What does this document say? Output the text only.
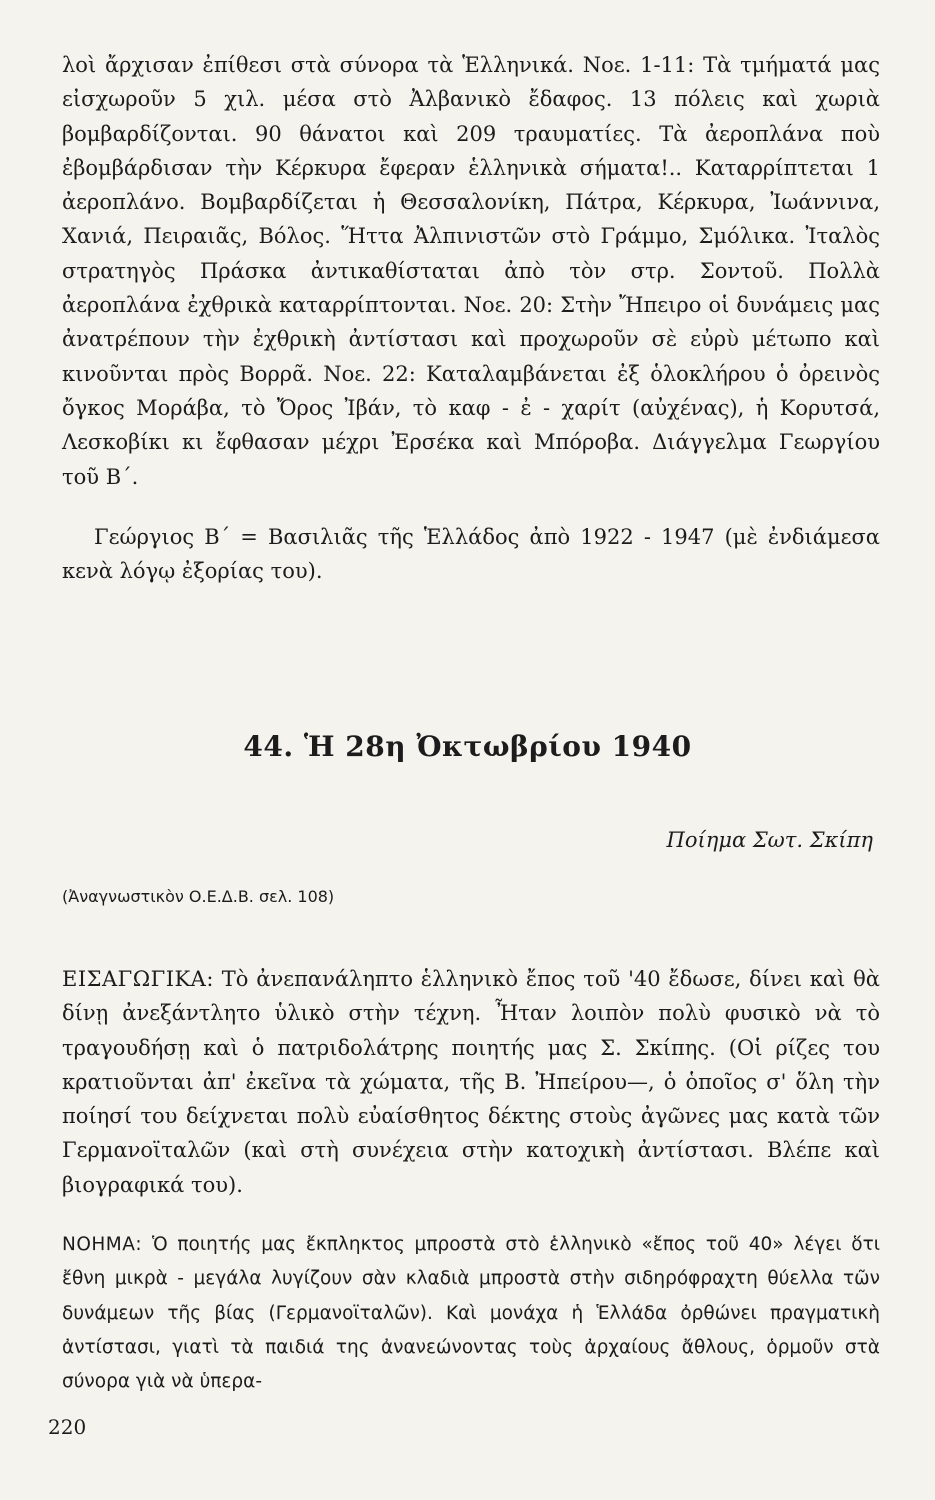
λοὶ ἄρχισαν ἐπίθεσι στὰ σύνορα τὰ Ἑλληνικά. Νοε. 1-11: Τὰ τμήματά μας εἰσχωροῦν 5 χιλ. μέσα στὸ Ἀλβανικὸ ἔδαφος. 13 πόλεις καὶ χωριὰ βομβαρδίζονται. 90 θάνατοι καὶ 209 τραυματίες. Τὰ ἀεροπλάνα ποὺ ἐβομβάρδισαν τὴν Κέρκυρα ἔφεραν ἑλληνικὰ σήματα!.. Καταρρίπτεται 1 ἀεροπλάνο. Βομβαρδίζεται ἡ Θεσσαλονίκη, Πάτρα, Κέρκυρα, Ἰωάννινα, Χανιά, Πειραιᾶς, Βόλος. Ἥττα Ἀλπινιστῶν στὸ Γράμμο, Σμόλικα. Ἰταλὸς στρατηγὸς Πράσκα ἀντικαθίσταται ἀπὸ τὸν στρ. Σοντοῦ. Πολλὰ ἀεροπλάνα ἐχθρικὰ καταρρίπτονται. Νοε. 20: Στὴν Ἤπειρο οἱ δυνάμεις μας ἀνατρέπουν τὴν ἐχθρικὴ ἀντίστασι καὶ προχωροῦν σὲ εὐρὺ μέτωπο καὶ κινοῦνται πρὸς Βορρᾶ. Νοε. 22: Καταλαμβάνεται ἐξ ὁλοκλήρου ὁ ὀρεινὸς ὄγκος Μοράβα, τὸ Ὄρος Ἰβάν, τὸ καφ - ἐ - χαρίτ (αὐχένας), ἡ Κορυτσά, Λεσκοβίκι κι ἔφθασαν μέχρι Ἐρσέκα καὶ Μπόροβα. Διάγγελμα Γεωργίου τοῦ Β΄.

Γεώργιος Β΄ = Βασιλιᾶς τῆς Ἑλλάδος ἀπὸ 1922 - 1947 (μὲ ἐνδιάμεσα κενὰ λόγῳ ἐξορίας του).

44. Ἡ 28η Ὀκτωβρίου 1940
Ποίημα Σωτ. Σκίπη
(Ἀναγνωστικὸν Ο.Ε.Δ.Β. σελ. 108)

ΕΙΣΑΓΩΓΙΚΑ: Τὸ ἀνεπανάληπτο ἑλληνικὸ ἔπος τοῦ '40 ἔδωσε, δίνει καὶ θὰ δίνῃ ἀνεξάντλητο ὑλικὸ στὴν τέχνη. Ἦταν λοιπὸν πολὺ φυσικὸ νὰ τὸ τραγουδήσῃ καὶ ὁ πατριδολάτρης ποιητής μας Σ. Σκίπης. (Οἱ ρίζες του κρατιοῦνται ἀπ' ἐκεῖνα τὰ χώματα, τῆς Β. Ἠπείρου—, ὁ ὁποῖος σ' ὅλη τὴν ποίησί του δείχνεται πολὺ εὐαίσθητος δέκτης στοὺς ἀγῶνες μας κατὰ τῶν Γερμανοϊταλῶν (καὶ στὴ συνέχεια στὴν κατοχικὴ ἀντίστασι. Βλέπε καὶ βιογραφικά του).

ΝΟΗΜΑ: Ὁ ποιητής μας ἔκπληκτος μπροστὰ στὸ ἑλληνικὸ «ἔπος τοῦ 40» λέγει ὅτι ἔθνη μικρὰ - μεγάλα λυγίζουν σὰν κλαδιὰ μπροστὰ στὴν σιδηρόφραχτη θύελλα τῶν δυνάμεων τῆς βίας (Γερμανοϊταλῶν). Καὶ μονάχα ἡ Ἑλλάδα ὀρθώνει πραγματικὴ ἀντίστασι, γιατὶ τὰ παιδιά της ἀνανεώνοντας τοὺς ἀρχαίους ἄθλους, ὁρμοῦν στὰ σύνορα γιὰ νὰ ὑπερα-

220
